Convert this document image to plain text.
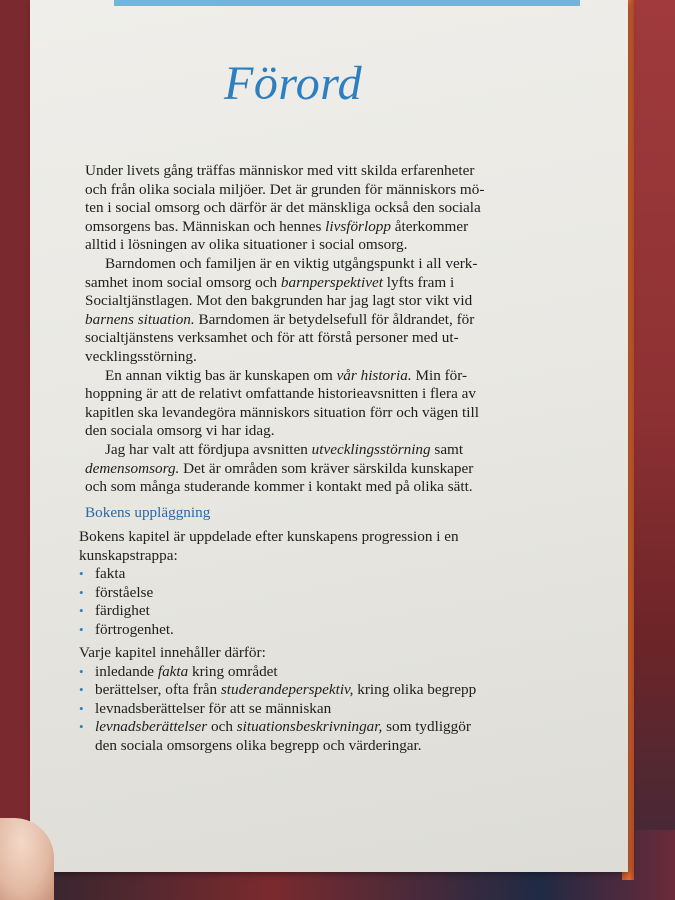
Förord

Under livets gång träffas människor med vitt skilda erfarenheter
och från olika sociala miljöer. Det är grunden för människors mö-
ten i social omsorg och därför är det mänskliga också den sociala
omsorgens bas. Människan och hennes livsförlopp återkommer
alltid i lösningen av olika situationer i social omsorg.

Barndomen och familjen är en viktig utgångspunkt i all verk-
samhet inom social omsorg och barnperspektivet lyfts fram i
Socialtjänstlagen. Mot den bakgrunden har jag lagt stor vikt vid
barnens situation. Barndomen är betydelsefull för åldrandet, för
socialtjänstens verksamhet och för att förstå personer med ut-
vecklingsstörning.

En annan viktig bas är kunskapen om vår historia. Min för-
hoppning är att de relativt omfattande historieavsnitten i flera av
kapitlen ska levandegöra människors situation förr och vägen till
den sociala omsorg vi har idag.

Jag har valt att fördjupa avsnitten utvecklingsstörning samt
demensomsorg. Det är områden som kräver särskilda kunskaper
och som många studerande kommer i kontakt med på olika sätt.

Bokens uppläggning
Bokens kapitel är uppdelade efter kunskapens progression i en
kunskapstrappa:
• fakta
• förståelse
• färdighet
• förtrogenhet.
Varje kapitel innehåller därför:
• inledande fakta kring området
• berättelser, ofta från studerandeperspektiv, kring olika begrepp
• levnadsberättelser för att se människan
• levnadsberättelser och situationsbeskrivningar, som tydliggör
den sociala omsorgens olika begrepp och värderingar.
